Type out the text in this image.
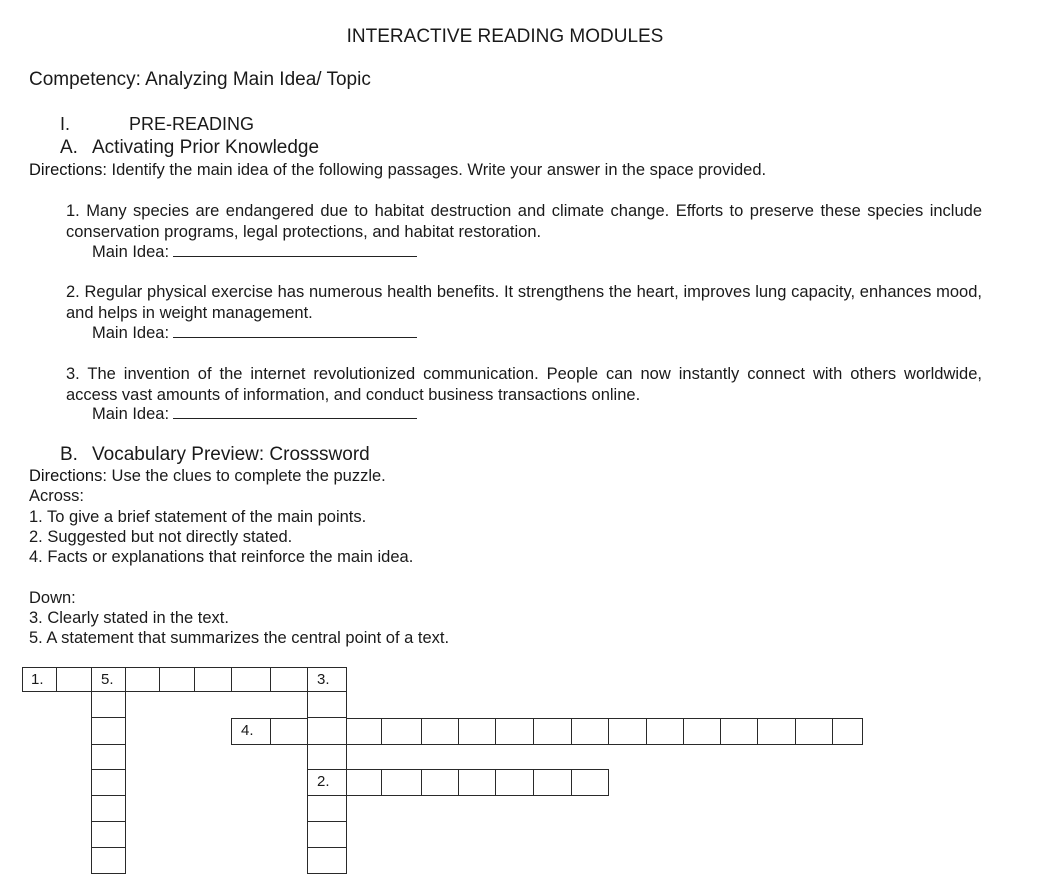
INTERACTIVE READING MODULES
Competency: Analyzing Main Idea/ Topic
I.	PRE-READING
A. Activating Prior Knowledge
Directions: Identify the main idea of the following passages. Write your answer in the space provided.
1. Many species are endangered due to habitat destruction and climate change. Efforts to preserve these species include conservation programs, legal protections, and habitat restoration.
Main Idea:
2. Regular physical exercise has numerous health benefits. It strengthens the heart, improves lung capacity, enhances mood, and helps in weight management.
Main Idea:
3. The invention of the internet revolutionized communication. People can now instantly connect with others worldwide, access vast amounts of information, and conduct business transactions online.
Main Idea:
B. Vocabulary Preview: Crosssword
Directions: Use the clues to complete the puzzle.
Across:
1. To give a brief statement of the main points.
2. Suggested but not directly stated.
4. Facts or explanations that reinforce the main idea.
Down:
3. Clearly stated in the text.
5. A statement that summarizes the central point of a text.
1.	5.	3.
4.
2.
